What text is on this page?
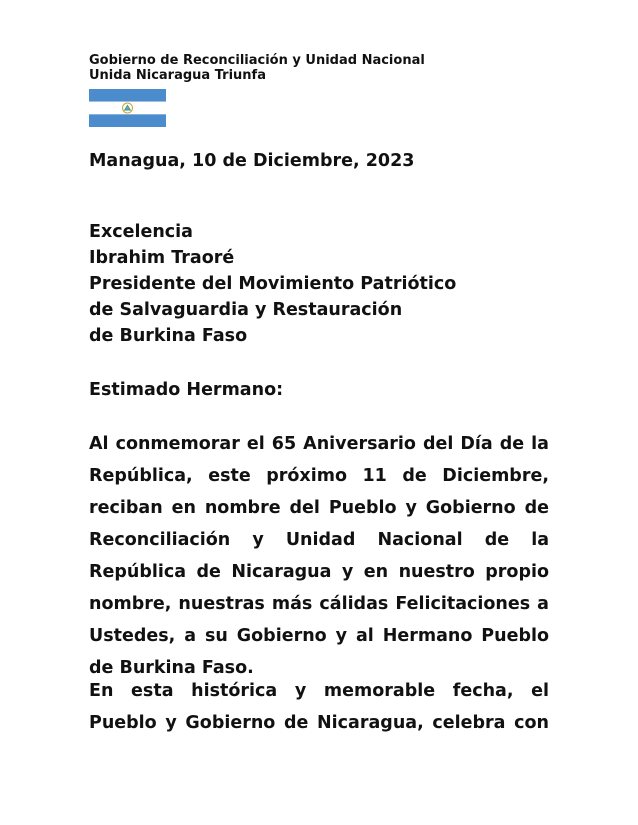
Gobierno de Reconciliación y Unidad Nacional
Unida Nicaragua Triunfa
Managua, 10 de Diciembre, 2023
Excelencia
Ibrahim Traoré
Presidente del Movimiento Patriótico
de Salvaguardia y Restauración
de Burkina Faso
Estimado Hermano:
Al conmemorar el 65 Aniversario del Día de la República, este próximo 11 de Diciembre, reciban en nombre del Pueblo y Gobierno de Reconciliación y Unidad Nacional de la República de Nicaragua y en nuestro propio nombre, nuestras más cálidas Felicitaciones a Ustedes, a su Gobierno y al Hermano Pueblo de Burkina Faso.
En esta histórica y memorable fecha, el Pueblo y Gobierno de Nicaragua, celebra con
